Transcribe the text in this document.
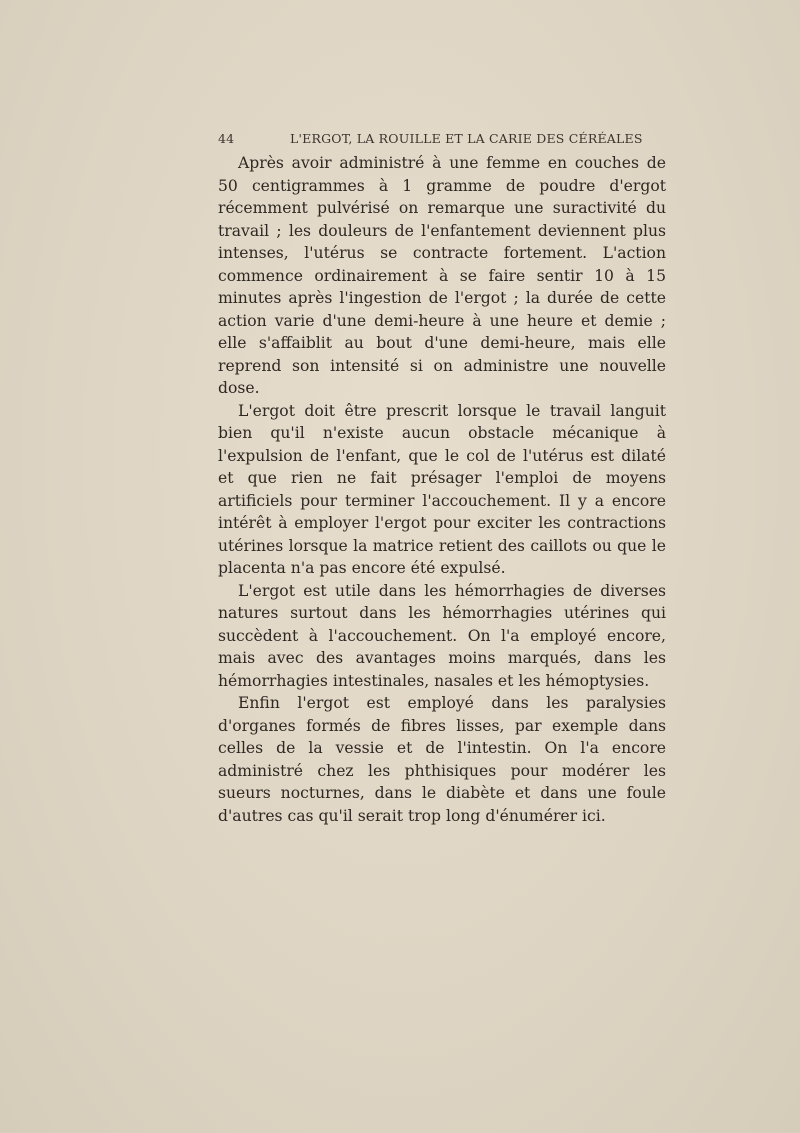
44	L'ERGOT, LA ROUILLE ET LA CARIE DES CÉRÉALES

Après avoir administré à une femme en couches de 50 centigrammes à 1 gramme de poudre d'ergot récemment pulvérisé on remarque une suractivité du travail ; les douleurs de l'enfantement deviennent plus intenses, l'utérus se contracte fortement. L'action commence ordinairement à se faire sentir 10 à 15 minutes après l'ingestion de l'ergot ; la durée de cette action varie d'une demi-heure à une heure et demie ; elle s'affaiblit au bout d'une demi-heure, mais elle reprend son intensité si on administre une nouvelle dose.

L'ergot doit être prescrit lorsque le travail languit bien qu'il n'existe aucun obstacle mécanique à l'expulsion de l'enfant, que le col de l'utérus est dilaté et que rien ne fait présager l'emploi de moyens artificiels pour terminer l'accouchement. Il y a encore intérêt à employer l'ergot pour exciter les contractions utérines lorsque la matrice retient des caillots ou que le placenta n'a pas encore été expulsé.

L'ergot est utile dans les hémorrhagies de diverses natures surtout dans les hémorrhagies utérines qui succèdent à l'accouchement. On l'a employé encore, mais avec des avantages moins marqués, dans les hémorrhagies intestinales, nasales et les hémoptysies.

Enfin l'ergot est employé dans les paralysies d'organes formés de fibres lisses, par exemple dans celles de la vessie et de l'intestin. On l'a encore administré chez les phthisiques pour modérer les sueurs nocturnes, dans le diabète et dans une foule d'autres cas qu'il serait trop long d'énumérer ici.
